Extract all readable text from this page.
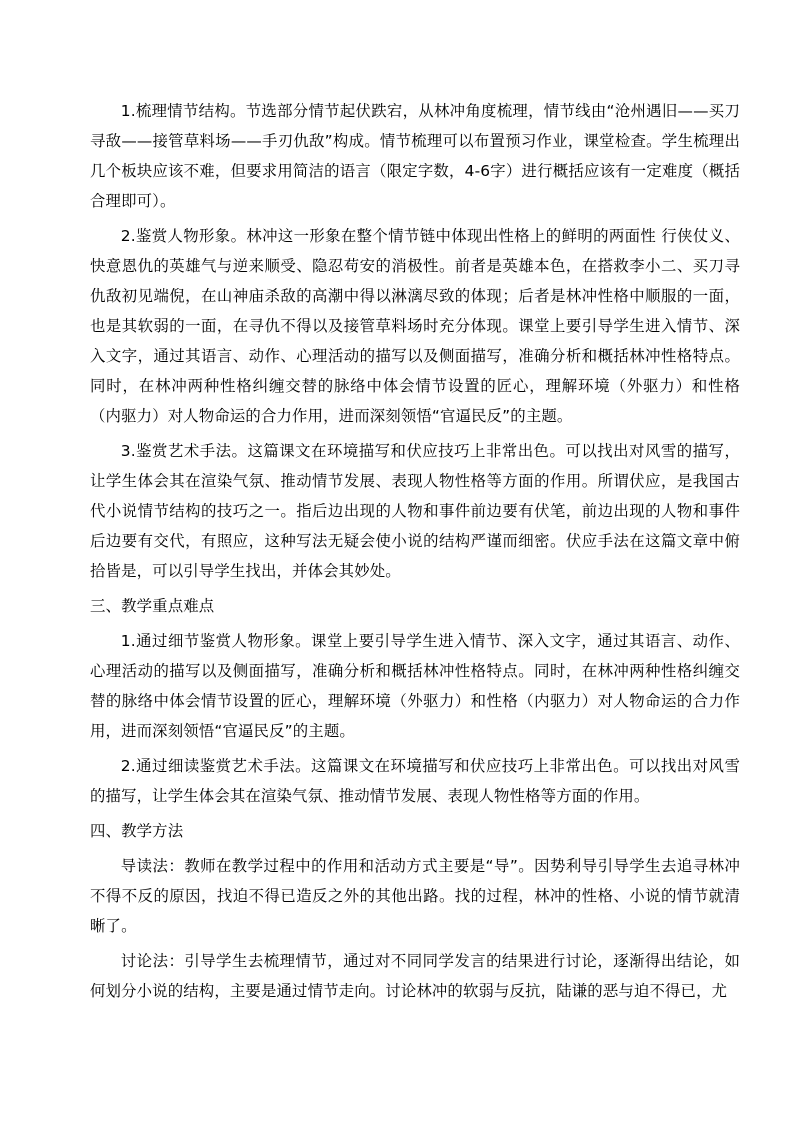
1.梳理情节结构。节选部分情节起伏跌宕，从林冲角度梳理，情节线由“沧州遇旧——买刀寻敌——接管草料场——手刃仇敌”构成。情节梳理可以布置预习作业，课堂检查。学生梳理出几个板块应该不难，但要求用简洁的语言（限定字数，4-6字）进行概括应该有一定难度（概括合理即可）。

2.鉴赏人物形象。林冲这一形象在整个情节链中体现出性格上的鲜明的两面性 行侠仗义、快意恩仇的英雄气与逆来顺受、隐忍苟安的消极性。前者是英雄本色，在搭救李小二、买刀寻仇敌初见端倪，在山神庙杀敌的高潮中得以淋漓尽致的体现；后者是林冲性格中顺服的一面，也是其软弱的一面，在寻仇不得以及接管草料场时充分体现。课堂上要引导学生进入情节、深入文字，通过其语言、动作、心理活动的描写以及侧面描写，准确分析和概括林冲性格特点。同时，在林冲两种性格纠缠交替的脉络中体会情节设置的匠心，理解环境（外驱力）和性格（内驱力）对人物命运的合力作用，进而深刻领悟“官逼民反”的主题。

3.鉴赏艺术手法。这篇课文在环境描写和伏应技巧上非常出色。可以找出对风雪的描写，让学生体会其在渲染气氛、推动情节发展、表现人物性格等方面的作用。所谓伏应，是我国古代小说情节结构的技巧之一。指后边出现的人物和事件前边要有伏笔，前边出现的人物和事件后边要有交代，有照应，这种写法无疑会使小说的结构严谨而细密。伏应手法在这篇文章中俯拾皆是，可以引导学生找出，并体会其妙处。

三、教学重点难点

1.通过细节鉴赏人物形象。课堂上要引导学生进入情节、深入文字，通过其语言、动作、心理活动的描写以及侧面描写，准确分析和概括林冲性格特点。同时，在林冲两种性格纠缠交替的脉络中体会情节设置的匠心，理解环境（外驱力）和性格（内驱力）对人物命运的合力作用，进而深刻领悟“官逼民反”的主题。

2.通过细读鉴赏艺术手法。这篇课文在环境描写和伏应技巧上非常出色。可以找出对风雪的描写，让学生体会其在渲染气氛、推动情节发展、表现人物性格等方面的作用。

四、教学方法

导读法：教师在教学过程中的作用和活动方式主要是“导”。因势利导引导学生去追寻林冲不得不反的原因，找迫不得已造反之外的其他出路。找的过程，林冲的性格、小说的情节就清晰了。

讨论法：引导学生去梳理情节，通过对不同同学发言的结果进行讨论，逐渐得出结论，如何划分小说的结构，主要是通过情节走向。讨论林冲的软弱与反抗，陆谦的恶与迫不得已，尤
